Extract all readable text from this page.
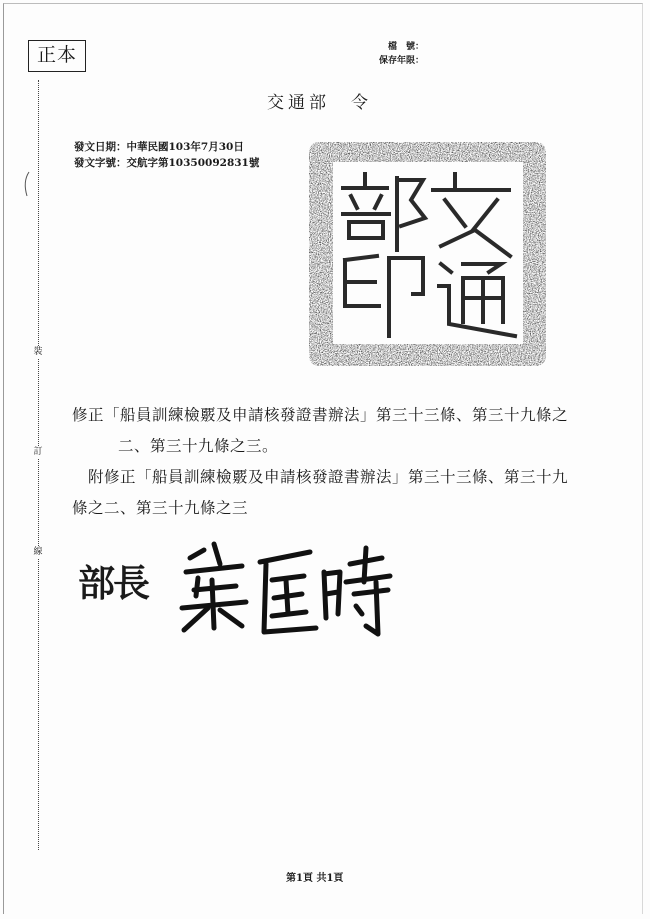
正本	檔　號：
保存年限：
裝
訂
線
交通部　令
發文日期：中華民國103年7月30日
發文字號：交航字第10350092831號

修正「船員訓練檢覈及申請核發證書辦法」第三十三條、第三十九條之二、第三十九條之三。

附修正「船員訓練檢覈及申請核發證書辦法」第三十三條、第三十九條之二、第三十九條之三

部長
第1頁 共1頁
